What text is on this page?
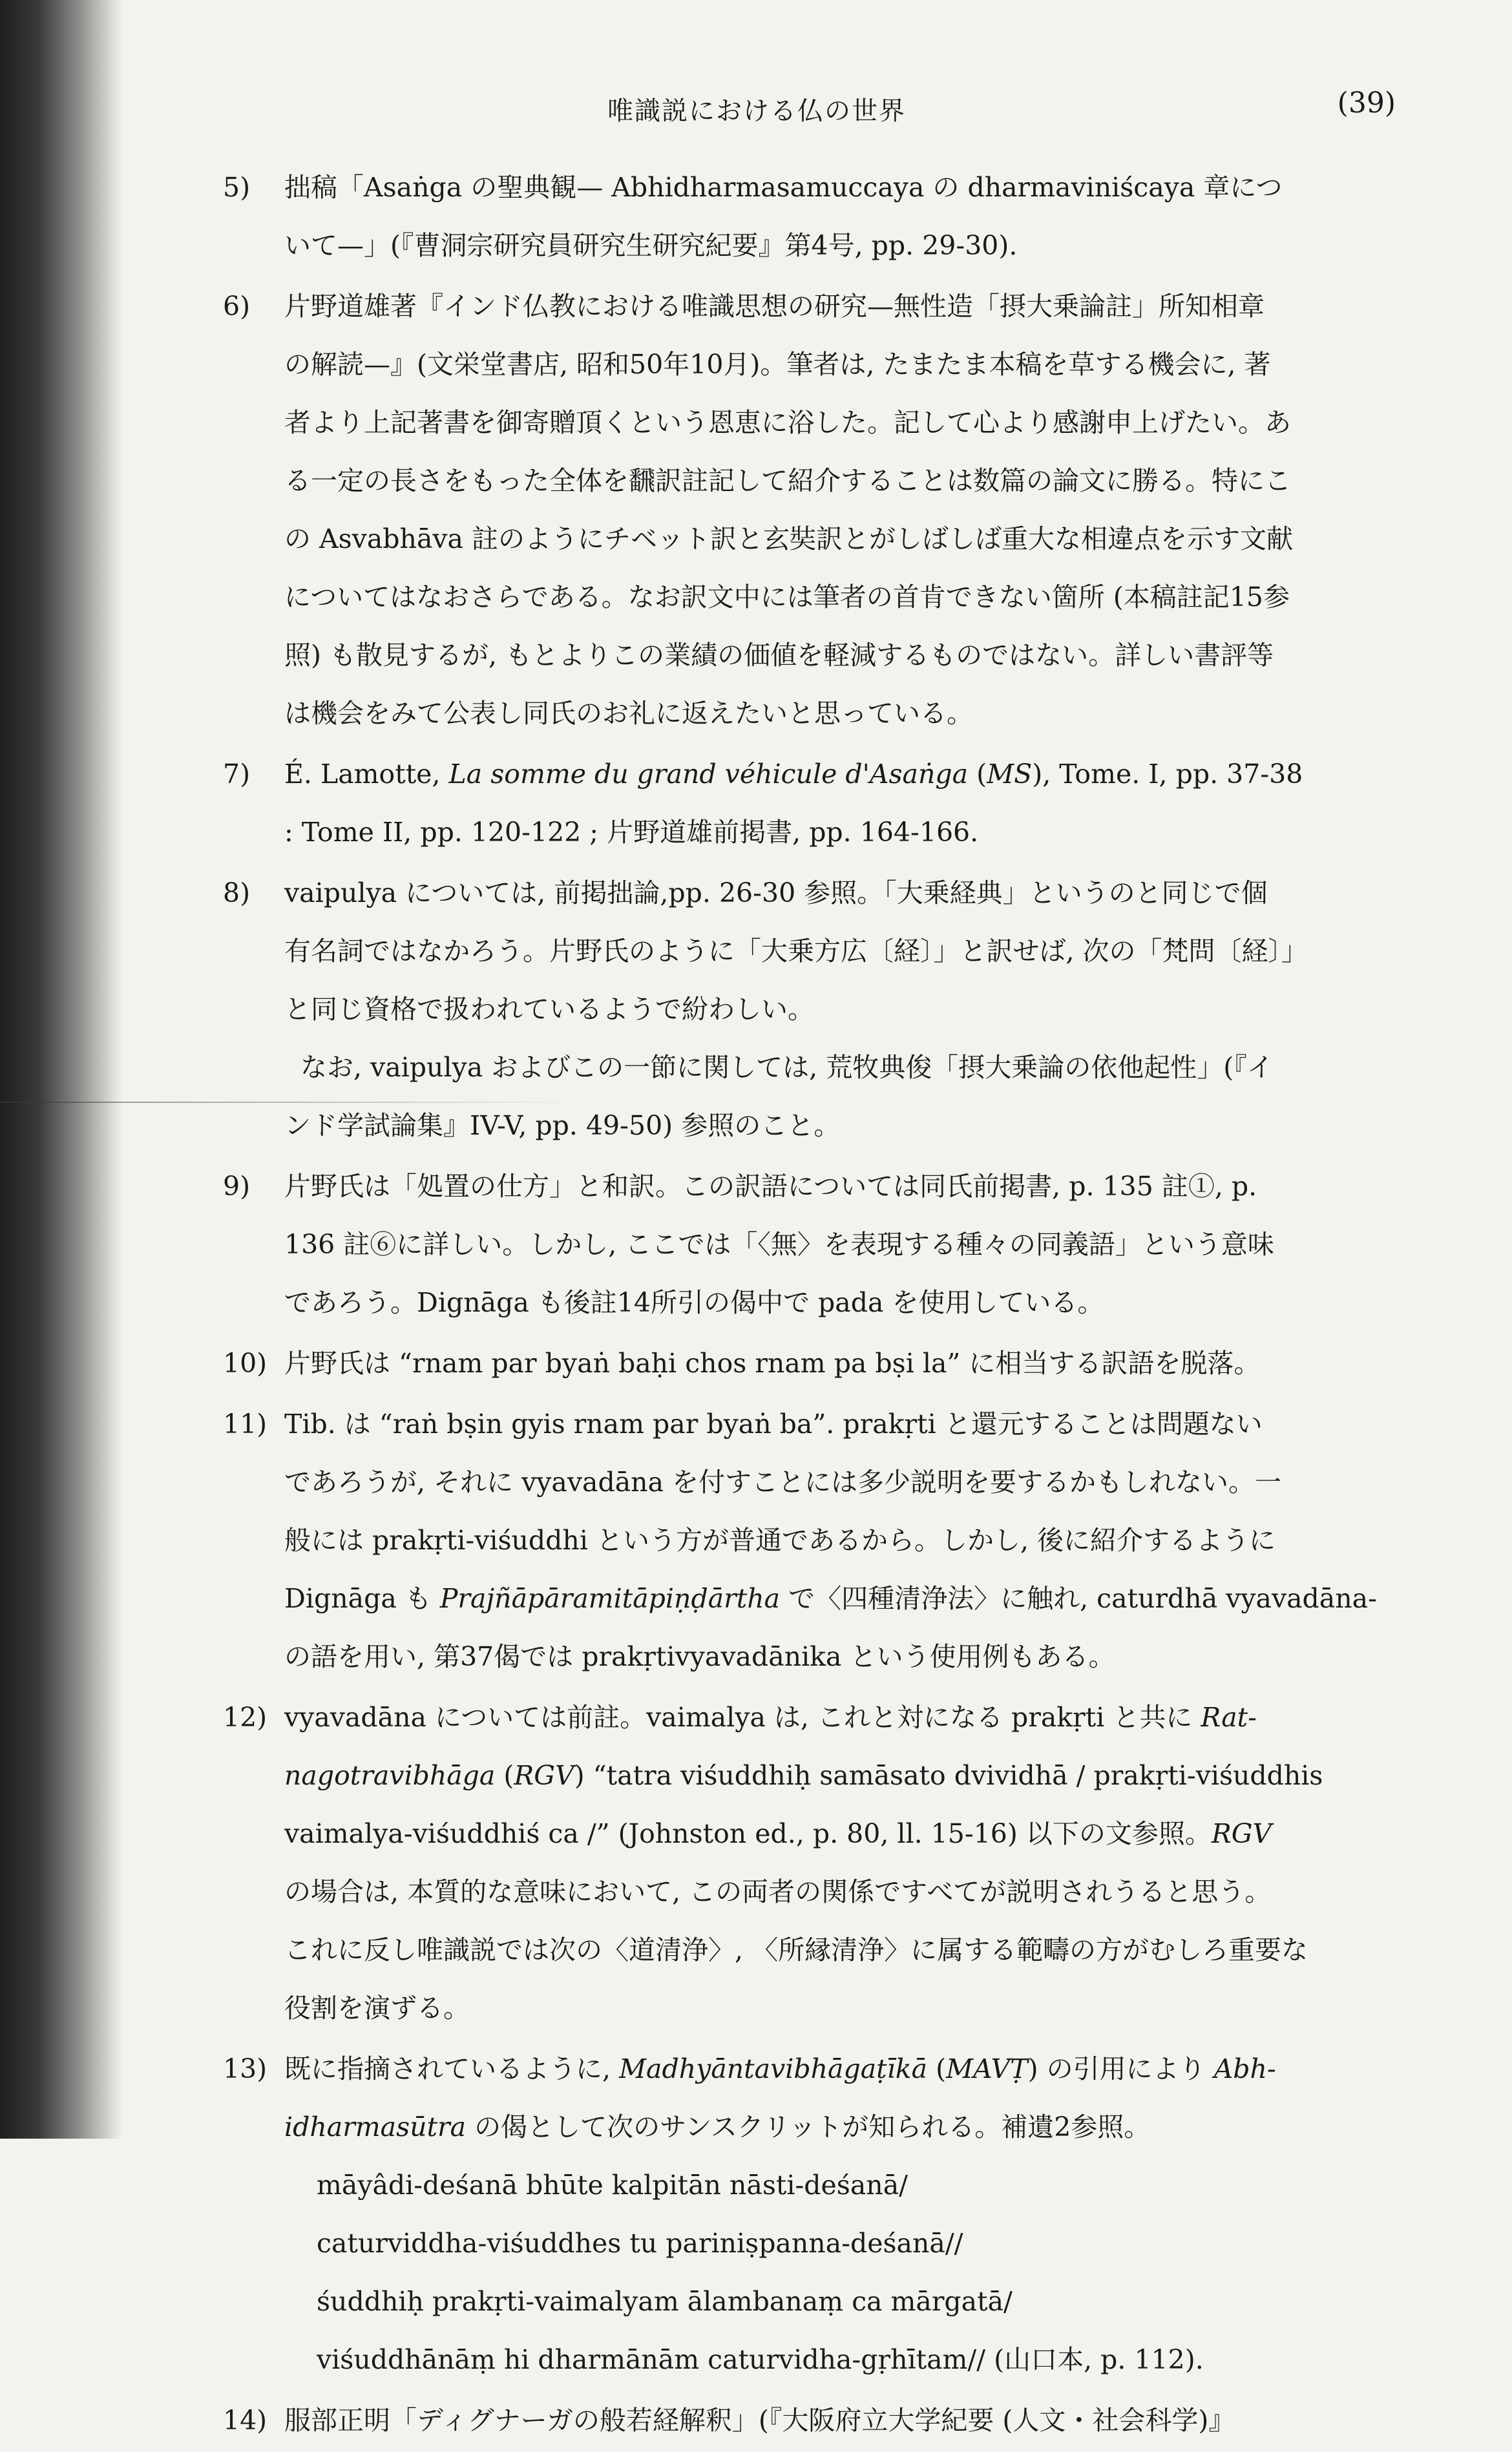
唯識説における仏の世界	(39)
5)	拙稿「Asaṅga の聖典観— Abhidharmasamuccaya の dharmaviniścaya 章につ
いて—」(『曹洞宗研究員研究生研究紀要』第4号, pp. 29-30).
6)	片野道雄著『インド仏教における唯識思想の研究—無性造「摂大乗論註」所知相章
の解読—』(文栄堂書店, 昭和50年10月)。筆者は, たまたま本稿を草する機会に, 著
者より上記著書を御寄贈頂くという恩恵に浴した。記して心より感謝申上げたい。あ
る一定の長さをもった全体を飜訳註記して紹介することは数篇の論文に勝る。特にこ
の Asvabhāva 註のようにチベット訳と玄奘訳とがしばしば重大な相違点を示す文献
についてはなおさらである。なお訳文中には筆者の首肯できない箇所 (本稿註記15参
照) も散見するが, もとよりこの業績の価値を軽減するものではない。詳しい書評等
は機会をみて公表し同氏のお礼に返えたいと思っている。
7)	É. Lamotte, La somme du grand véhicule d'Asaṅga (MS), Tome. I, pp. 37-38
: Tome II, pp. 120-122 ; 片野道雄前掲書, pp. 164-166.
8)	vaipulya については, 前掲拙論,pp. 26-30 参照。「大乗経典」というのと同じで個
有名詞ではなかろう。片野氏のように「大乗方広〔経〕」と訳せば, 次の「梵問〔経〕」
と同じ資格で扱われているようで紛わしい。
なお, vaipulya およびこの一節に関しては, 荒牧典俊「摂大乗論の依他起性」(『イ
ンド学試論集』IV-V, pp. 49-50) 参照のこと。
9)	片野氏は「処置の仕方」と和訳。この訳語については同氏前掲書, p. 135 註①, p.
136 註⑥に詳しい。しかし, ここでは「〈無〉を表現する種々の同義語」という意味
であろう。Dignāga も後註14所引の偈中で pada を使用している。
10) 片野氏は “rnam par byaṅ baḥi chos rnam pa bṣi la” に相当する訳語を脱落。
11) Tib. は “raṅ bṣin gyis rnam par byaṅ ba”. prakṛti と還元することは問題ない
であろうが, それに vyavadāna を付すことには多少説明を要するかもしれない。一
般には prakṛti-viśuddhi という方が普通であるから。しかし, 後に紹介するように
Dignāga も Prajñāpāramitāpiṇḍārtha で〈四種清浄法〉に触れ, caturdhā vyavadāna-
の語を用い, 第37偈では prakṛtivyavadānika という使用例もある。
12) vyavadāna については前註。vaimalya は, これと対になる prakṛti と共に Rat-
nagotravibhāga (RGV) “tatra viśuddhiḥ samāsato dvividhā / prakṛti-viśuddhis
vaimalya-viśuddhiś ca /” (Johnston ed., p. 80, ll. 15-16) 以下の文参照。RGV
の場合は, 本質的な意味において, この両者の関係ですべてが説明されうると思う。
これに反し唯識説では次の〈道清浄〉, 〈所縁清浄〉に属する範疇の方がむしろ重要な
役割を演ずる。
13) 既に指摘されているように, Madhyāntavibhāgaṭīkā (MAVṬ) の引用により Abh-
idharmasūtra の偈として次のサンスクリットが知られる。補遺2参照。
māyâdi-deśanā bhūte kalpitān nāsti-deśanā/
caturviddha-viśuddhes tu pariniṣpanna-deśanā//
śuddhiḥ prakṛti-vaimalyam ālambanaṃ ca mārgatā/
viśuddhānāṃ hi dharmānām caturvidha-gṛhītam// (山口本, p. 112).
14) 服部正明「ディグナーガの般若経解釈」(『大阪府立大学紀要 (人文・社会科学)』
